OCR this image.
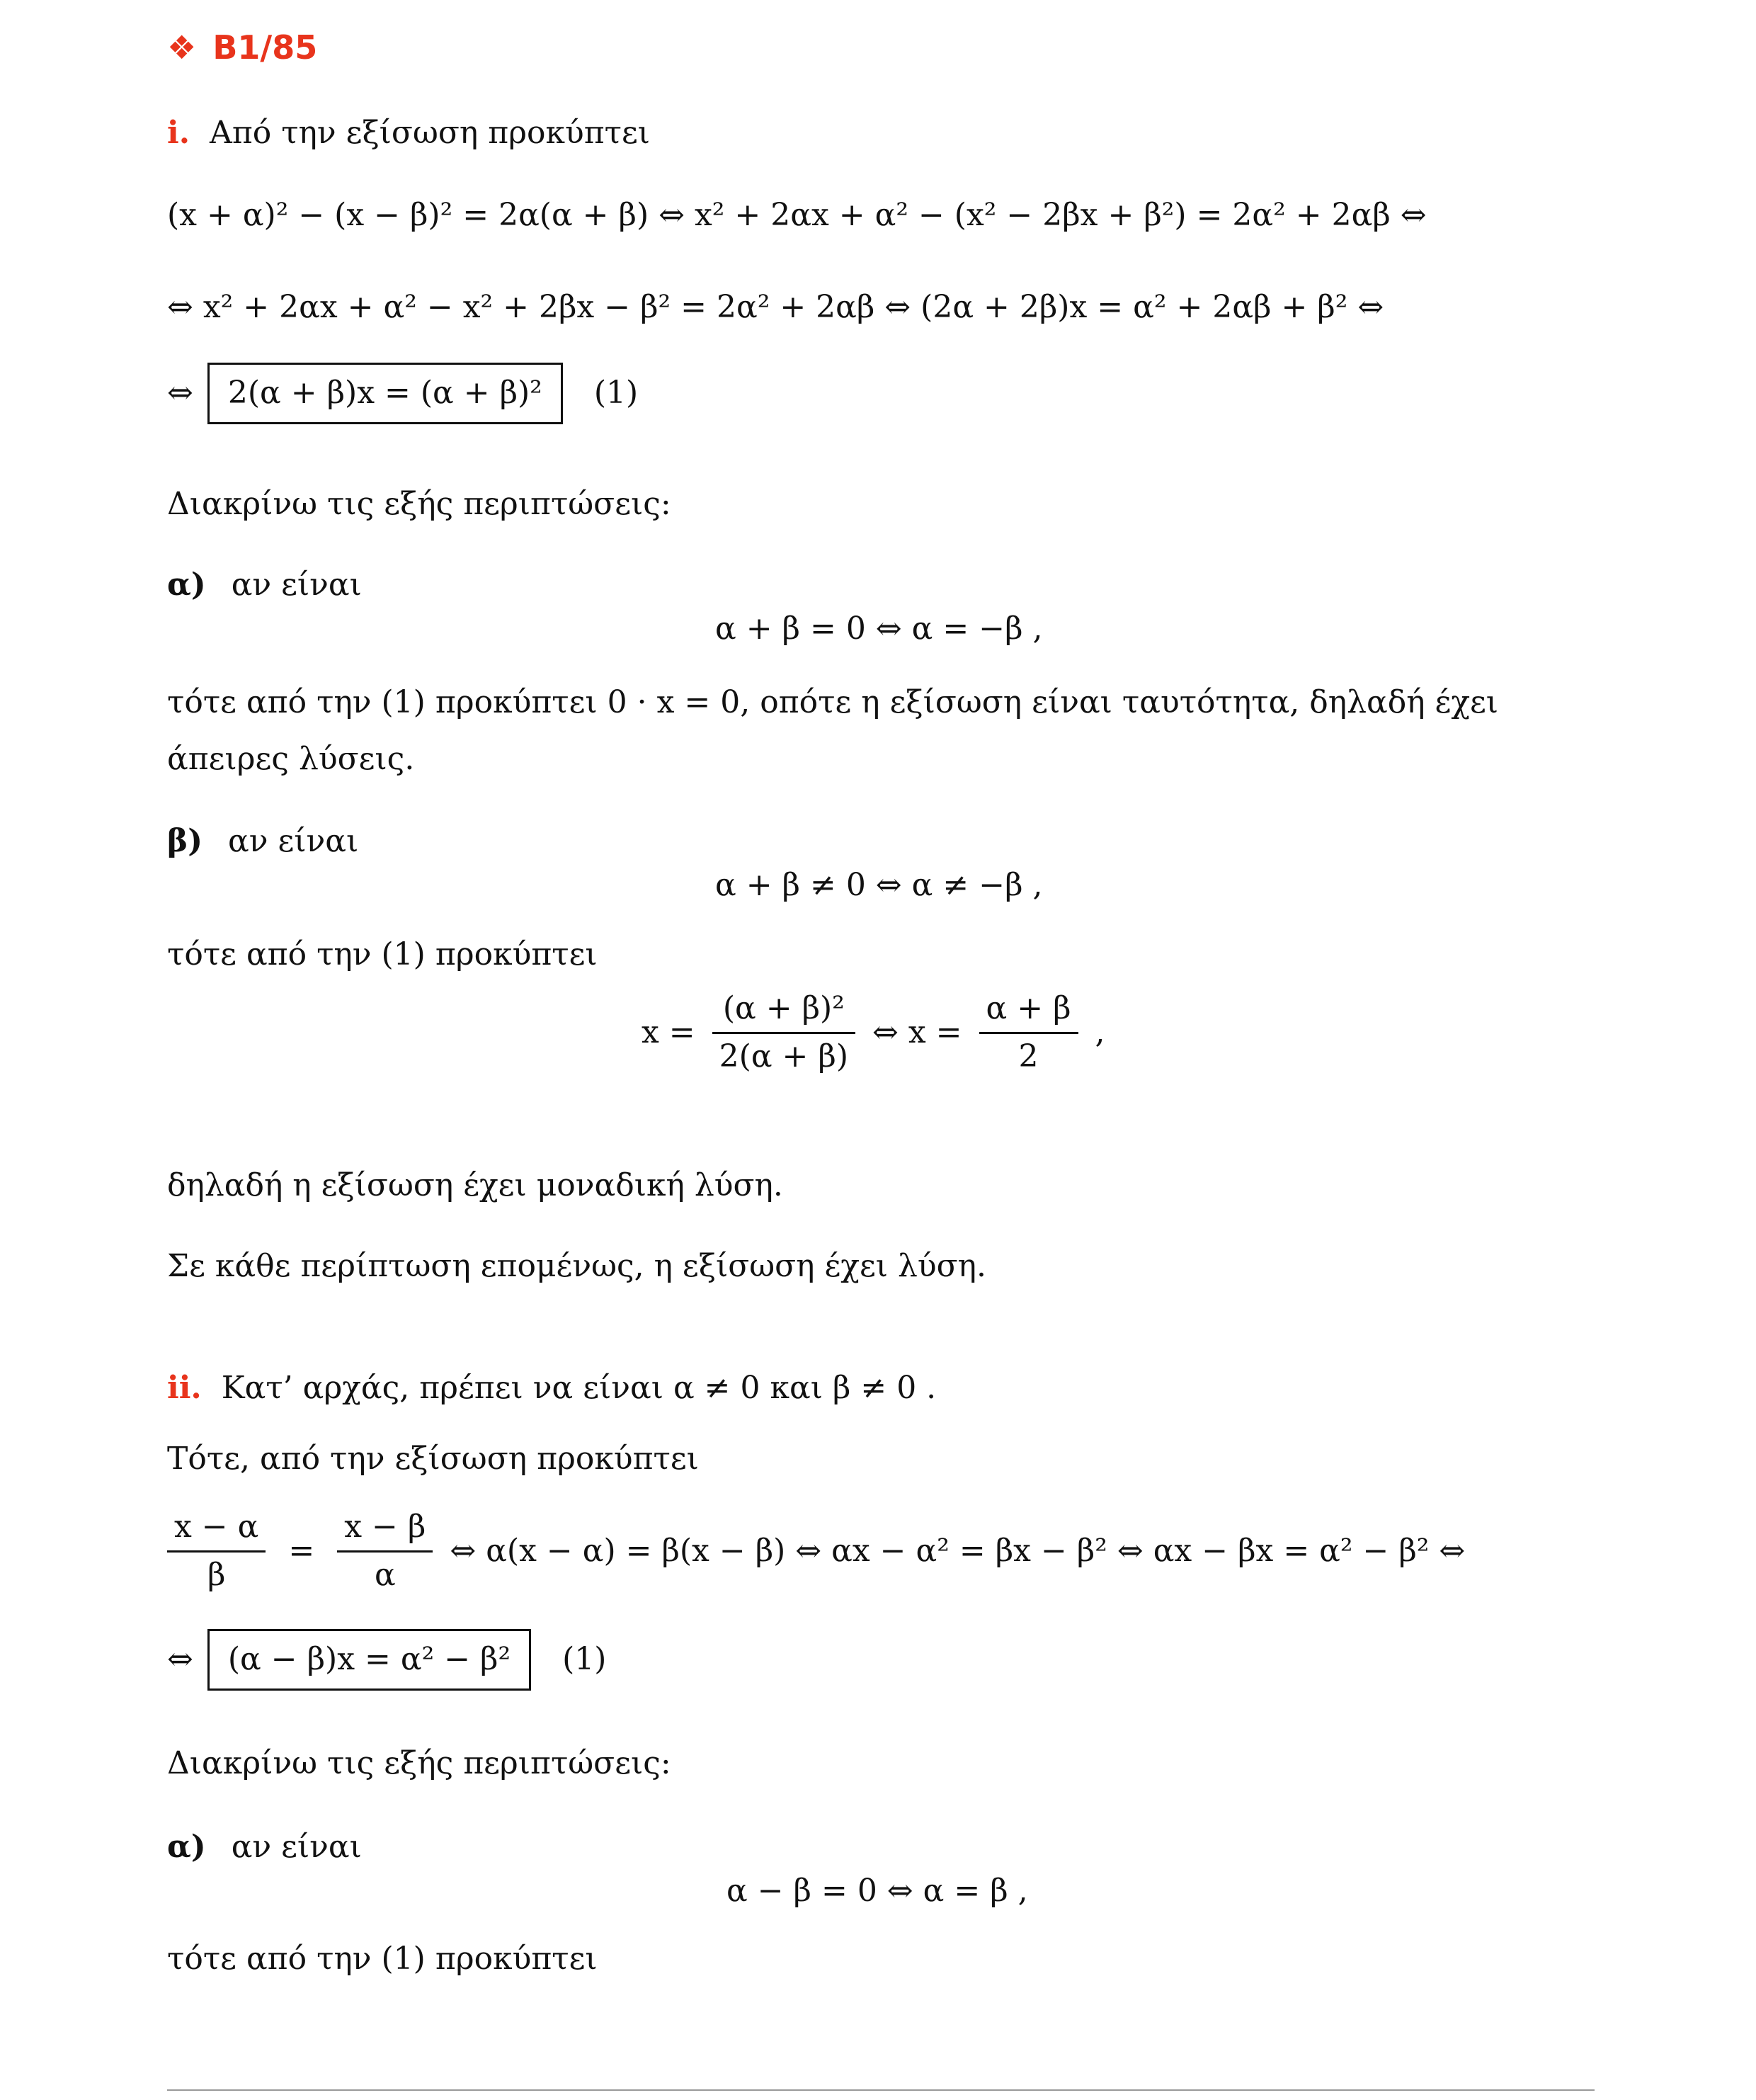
❖ B1/85
i. Από την εξίσωση προκύπτει
(x + α)² − (x − β)² = 2α(α + β) ⇔ x² + 2αx + α² − (x² − 2βx + β²) = 2α² + 2αβ ⇔
⇔ x² + 2αx + α² − x² + 2βx − β² = 2α² + 2αβ ⇔ (2α + 2β)x = α² + 2αβ + β² ⇔
⇔ 2(α + β)x = (α + β)² (1)
Διακρίνω τις εξής περιπτώσεις:
α) αν είναι
α + β = 0 ⇔ α = −β ,
τότε από την (1) προκύπτει 0 · x = 0, οπότε η εξίσωση είναι ταυτότητα, δηλαδή έχει
άπειρες λύσεις.
β) αν είναι
α + β ≠ 0 ⇔ α ≠ −β ,
τότε από την (1) προκύπτει
$x = \frac{\text{(α + β)²}}{2(\alpha + \beta)}$ ⇔ $x = \frac{\alpha + \beta}{2}$ ,
δηλαδή η εξίσωση έχει μοναδική λύση.
Σε κάθε περίπτωση επομένως, η εξίσωση έχει λύση.
ii. Κατ’ αρχάς, πρέπει να είναι α ≠ 0 και β ≠ 0 .
Τότε, από την εξίσωση προκύπτει
$\frac{x - \alpha}{\beta} = \frac{x - \beta}{\alpha}$ ⇔ α(x − α) = β(x − β) ⇔ αx − α² = βx − β² ⇔ αx − βx = α² − β² ⇔
⇔ (α − β)x = α² − β² (1)
Διακρίνω τις εξής περιπτώσεις:
α) αν είναι
α − β = 0 ⇔ α = β ,
τότε από την (1) προκύπτει
